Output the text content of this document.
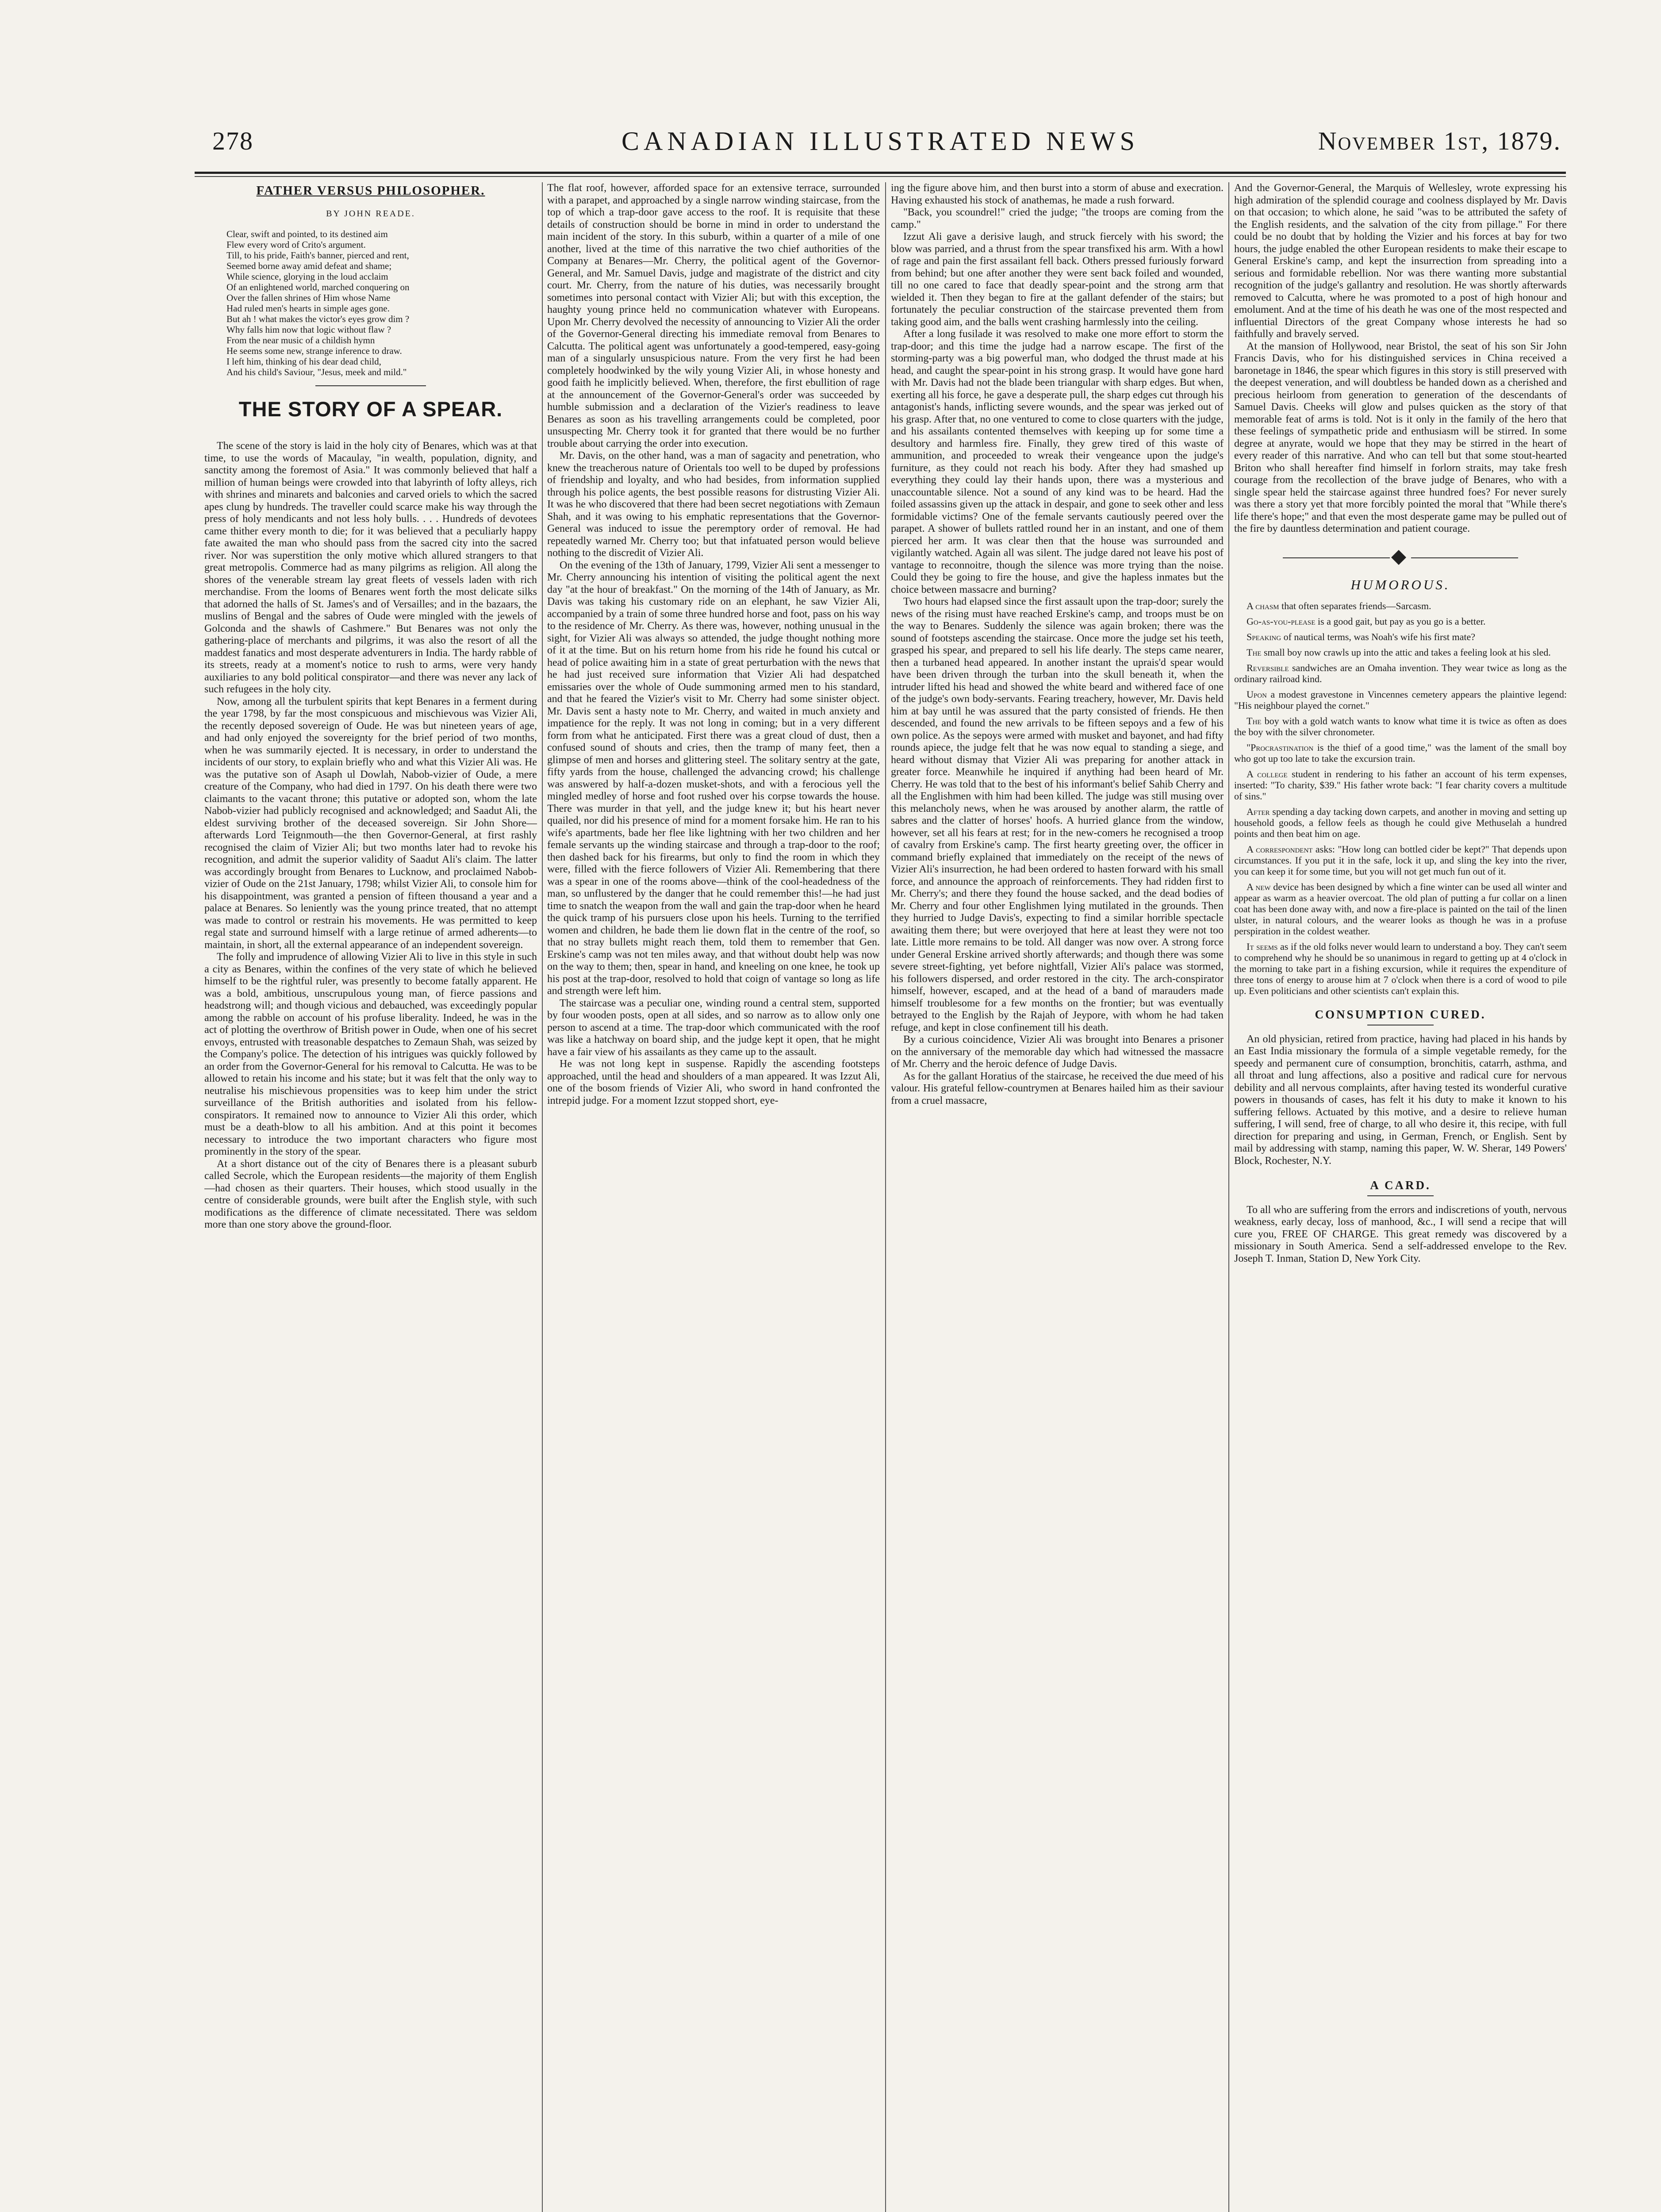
278	CANADIAN ILLUSTRATED NEWS	November 1st, 1879.
FATHER VERSUS PHILOSOPHER.
BY JOHN READE.
Clear, swift and pointed, to its destined aim
Flew every word of Crito's argument.
Till, to his pride, Faith's banner, pierced and rent,
Seemed borne away amid defeat and shame;
While science, glorying in the loud acclaim
Of an enlightened world, marched conquering on
Over the fallen shrines of Him whose Name
Had ruled men's hearts in simple ages gone.
But ah ! what makes the victor's eyes grow dim ?
Why falls him now that logic without flaw ?
From the near music of a childish hymn
He seems some new, strange inference to draw.
I left him, thinking of his dear dead child,
And his child's Saviour, "Jesus, meek and mild."
THE STORY OF A SPEAR.

The scene of the story is laid in the holy city of Benares, which was at that time, to use the words of Macaulay, "in wealth, population, dignity, and sanctity among the foremost of Asia." It was commonly believed that half a million of human beings were crowded into that labyrinth of lofty alleys, rich with shrines and minarets and balconies and carved oriels to which the sacred apes clung by hundreds. The traveller could scarce make his way through the press of holy mendicants and not less holy bulls. . . . Hundreds of devotees came thither every month to die; for it was believed that a peculiarly happy fate awaited the man who should pass from the sacred city into the sacred river. Nor was superstition the only motive which allured strangers to that great metropolis. Commerce had as many pilgrims as religion. All along the shores of the venerable stream lay great fleets of vessels laden with rich merchandise. From the looms of Benares went forth the most delicate silks that adorned the halls of St. James's and of Versailles; and in the bazaars, the muslins of Bengal and the sabres of Oude were mingled with the jewels of Golconda and the shawls of Cashmere." But Benares was not only the gathering-place of merchants and pilgrims, it was also the resort of all the maddest fanatics and most desperate adventurers in India. The hardy rabble of its streets, ready at a moment's notice to rush to arms, were very handy auxiliaries to any bold political conspirator—and there was never any lack of such refugees in the holy city.

Now, among all the turbulent spirits that kept Benares in a ferment during the year 1798, by far the most conspicuous and mischievous was Vizier Ali, the recently deposed sovereign of Oude. He was but nineteen years of age, and had only enjoyed the sovereignty for the brief period of two months, when he was summarily ejected. It is necessary, in order to understand the incidents of our story, to explain briefly who and what this Vizier Ali was. He was the putative son of Asaph ul Dowlah, Nabob-vizier of Oude, a mere creature of the Company, who had died in 1797. On his death there were two claimants to the vacant throne; this putative or adopted son, whom the late Nabob-vizier had publicly recognised and acknowledged; and Saadut Ali, the eldest surviving brother of the deceased sovereign. Sir John Shore—afterwards Lord Teignmouth—the then Governor-General, at first rashly recognised the claim of Vizier Ali; but two months later had to revoke his recognition, and admit the superior validity of Saadut Ali's claim. The latter was accordingly brought from Benares to Lucknow, and proclaimed Nabob-vizier of Oude on the 21st January, 1798; whilst Vizier Ali, to console him for his disappointment, was granted a pension of fifteen thousand a year and a palace at Benares. So leniently was the young prince treated, that no attempt was made to control or restrain his movements. He was permitted to keep regal state and surround himself with a large retinue of armed adherents—to maintain, in short, all the external appearance of an independent sovereign.

The folly and imprudence of allowing Vizier Ali to live in this style in such a city as Benares, within the confines of the very state of which he believed himself to be the rightful ruler, was presently to become fatally apparent. He was a bold, ambitious, unscrupulous young man, of fierce passions and headstrong will; and though vicious and debauched, was exceedingly popular among the rabble on account of his profuse liberality. Indeed, he was in the act of plotting the overthrow of British power in Oude, when one of his secret envoys, entrusted with treasonable despatches to Zemaun Shah, was seized by the Company's police. The detection of his intrigues was quickly followed by an order from the Governor-General for his removal to Calcutta. He was to be allowed to retain his income and his state; but it was felt that the only way to neutralise his mischievous propensities was to keep him under the strict surveillance of the British authorities and isolated from his fellow-conspirators. It remained now to announce to Vizier Ali this order, which must be a death-blow to all his ambition. And at this point it becomes necessary to introduce the two important characters who figure most prominently in the story of the spear.

At a short distance out of the city of Benares there is a pleasant suburb called Secrole, which the European residents—the majority of them English—had chosen as their quarters. Their houses, which stood usually in the centre of considerable grounds, were built after the English style, with such modifications as the difference of climate necessitated. There was seldom more than one story above the ground-floor.

The flat roof, however, afforded space for an extensive terrace, surrounded with a parapet, and approached by a single narrow winding staircase, from the top of which a trap-door gave access to the roof. It is requisite that these details of construction should be borne in mind in order to understand the main incident of the story. In this suburb, within a quarter of a mile of one another, lived at the time of this narrative the two chief authorities of the Company at Benares—Mr. Cherry, the political agent of the Governor-General, and Mr. Samuel Davis, judge and magistrate of the district and city court. Mr. Cherry, from the nature of his duties, was necessarily brought sometimes into personal contact with Vizier Ali; but with this exception, the haughty young prince held no communication whatever with Europeans. Upon Mr. Cherry devolved the necessity of announcing to Vizier Ali the order of the Governor-General directing his immediate removal from Benares to Calcutta. The political agent was unfortunately a good-tempered, easy-going man of a singularly unsuspicious nature. From the very first he had been completely hoodwinked by the wily young Vizier Ali, in whose honesty and good faith he implicitly believed. When, therefore, the first ebullition of rage at the announcement of the Governor-General's order was succeeded by humble submission and a declaration of the Vizier's readiness to leave Benares as soon as his travelling arrangements could be completed, poor unsuspecting Mr. Cherry took it for granted that there would be no further trouble about carrying the order into execution.

Mr. Davis, on the other hand, was a man of sagacity and penetration, who knew the treacherous nature of Orientals too well to be duped by professions of friendship and loyalty, and who had besides, from information supplied through his police agents, the best possible reasons for distrusting Vizier Ali. It was he who discovered that there had been secret negotiations with Zemaun Shah, and it was owing to his emphatic representations that the Governor-General was induced to issue the peremptory order of removal. He had repeatedly warned Mr. Cherry too; but that infatuated person would believe nothing to the discredit of Vizier Ali.

On the evening of the 13th of January, 1799, Vizier Ali sent a messenger to Mr. Cherry announcing his intention of visiting the political agent the next day "at the hour of breakfast." On the morning of the 14th of January, as Mr. Davis was taking his customary ride on an elephant, he saw Vizier Ali, accompanied by a train of some three hundred horse and foot, pass on his way to the residence of Mr. Cherry. As there was, however, nothing unusual in the sight, for Vizier Ali was always so attended, the judge thought nothing more of it at the time. But on his return home from his ride he found his cutcal or head of police awaiting him in a state of great perturbation with the news that he had just received sure information that Vizier Ali had despatched emissaries over the whole of Oude summoning armed men to his standard, and that he feared the Vizier's visit to Mr. Cherry had some sinister object. Mr. Davis sent a hasty note to Mr. Cherry, and waited in much anxiety and impatience for the reply. It was not long in coming; but in a very different form from what he anticipated. First there was a great cloud of dust, then a confused sound of shouts and cries, then the tramp of many feet, then a glimpse of men and horses and glittering steel. The solitary sentry at the gate, fifty yards from the house, challenged the advancing crowd; his challenge was answered by half-a-dozen musket-shots, and with a ferocious yell the mingled medley of horse and foot rushed over his corpse towards the house. There was murder in that yell, and the judge knew it; but his heart never quailed, nor did his presence of mind for a moment forsake him. He ran to his wife's apartments, bade her flee like lightning with her two children and her female servants up the winding staircase and through a trap-door to the roof; then dashed back for his firearms, but only to find the room in which they were, filled with the fierce followers of Vizier Ali. Remembering that there was a spear in one of the rooms above—think of the cool-headedness of the man, so unflustered by the danger that he could remember this!—he had just time to snatch the weapon from the wall and gain the trap-door when he heard the quick tramp of his pursuers close upon his heels. Turning to the terrified women and children, he bade them lie down flat in the centre of the roof, so that no stray bullets might reach them, told them to remember that Gen. Erskine's camp was not ten miles away, and that without doubt help was now on the way to them; then, spear in hand, and kneeling on one knee, he took up his post at the trap-door, resolved to hold that coign of vantage so long as life and strength were left him.

The staircase was a peculiar one, winding round a central stem, supported by four wooden posts, open at all sides, and so narrow as to allow only one person to ascend at a time. The trap-door which communicated with the roof was like a hatchway on board ship, and the judge kept it open, that he might have a fair view of his assailants as they came up to the assault.

He was not long kept in suspense. Rapidly the ascending footsteps approached, until the head and shoulders of a man appeared. It was Izzut Ali, one of the bosom friends of Vizier Ali, who sword in hand confronted the intrepid judge. For a moment Izzut stopped short, eye-

ing the figure above him, and then burst into a storm of abuse and execration. Having exhausted his stock of anathemas, he made a rush forward.

"Back, you scoundrel!" cried the judge; "the troops are coming from the camp."

Izzut Ali gave a derisive laugh, and struck fiercely with his sword; the blow was parried, and a thrust from the spear transfixed his arm. With a howl of rage and pain the first assailant fell back. Others pressed furiously forward from behind; but one after another they were sent back foiled and wounded, till no one cared to face that deadly spear-point and the strong arm that wielded it. Then they began to fire at the gallant defender of the stairs; but fortunately the peculiar construction of the staircase prevented them from taking good aim, and the balls went crashing harmlessly into the ceiling.

After a long fusilade it was resolved to make one more effort to storm the trap-door; and this time the judge had a narrow escape. The first of the storming-party was a big powerful man, who dodged the thrust made at his head, and caught the spear-point in his strong grasp. It would have gone hard with Mr. Davis had not the blade been triangular with sharp edges. But when, exerting all his force, he gave a desperate pull, the sharp edges cut through his antagonist's hands, inflicting severe wounds, and the spear was jerked out of his grasp. After that, no one ventured to come to close quarters with the judge, and his assailants contented themselves with keeping up for some time a desultory and harmless fire. Finally, they grew tired of this waste of ammunition, and proceeded to wreak their vengeance upon the judge's furniture, as they could not reach his body. After they had smashed up everything they could lay their hands upon, there was a mysterious and unaccountable silence. Not a sound of any kind was to be heard. Had the foiled assassins given up the attack in despair, and gone to seek other and less formidable victims? One of the female servants cautiously peered over the parapet. A shower of bullets rattled round her in an instant, and one of them pierced her arm. It was clear then that the house was surrounded and vigilantly watched. Again all was silent. The judge dared not leave his post of vantage to reconnoitre, though the silence was more trying than the noise. Could they be going to fire the house, and give the hapless inmates but the choice between massacre and burning?

Two hours had elapsed since the first assault upon the trap-door; surely the news of the rising must have reached Erskine's camp, and troops must be on the way to Benares. Suddenly the silence was again broken; there was the sound of footsteps ascending the staircase. Once more the judge set his teeth, grasped his spear, and prepared to sell his life dearly. The steps came nearer, then a turbaned head appeared. In another instant the uprais'd spear would have been driven through the turban into the skull beneath it, when the intruder lifted his head and showed the white beard and withered face of one of the judge's own body-servants. Fearing treachery, however, Mr. Davis held him at bay until he was assured that the party consisted of friends. He then descended, and found the new arrivals to be fifteen sepoys and a few of his own police. As the sepoys were armed with musket and bayonet, and had fifty rounds apiece, the judge felt that he was now equal to standing a siege, and heard without dismay that Vizier Ali was preparing for another attack in greater force. Meanwhile he inquired if anything had been heard of Mr. Cherry. He was told that to the best of his informant's belief Sahib Cherry and all the Englishmen with him had been killed. The judge was still musing over this melancholy news, when he was aroused by another alarm, the rattle of sabres and the clatter of horses' hoofs. A hurried glance from the window, however, set all his fears at rest; for in the new-comers he recognised a troop of cavalry from Erskine's camp. The first hearty greeting over, the officer in command briefly explained that immediately on the receipt of the news of Vizier Ali's insurrection, he had been ordered to hasten forward with his small force, and announce the approach of reinforcements. They had ridden first to Mr. Cherry's; and there they found the house sacked, and the dead bodies of Mr. Cherry and four other Englishmen lying mutilated in the grounds. Then they hurried to Judge Davis's, expecting to find a similar horrible spectacle awaiting them there; but were overjoyed that here at least they were not too late. Little more remains to be told. All danger was now over. A strong force under General Erskine arrived shortly afterwards; and though there was some severe street-fighting, yet before nightfall, Vizier Ali's palace was stormed, his followers dispersed, and order restored in the city. The arch-conspirator himself, however, escaped, and at the head of a band of marauders made himself troublesome for a few months on the frontier; but was eventually betrayed to the English by the Rajah of Jeypore, with whom he had taken refuge, and kept in close confinement till his death.

By a curious coincidence, Vizier Ali was brought into Benares a prisoner on the anniversary of the memorable day which had witnessed the massacre of Mr. Cherry and the heroic defence of Judge Davis.

As for the gallant Horatius of the staircase, he received the due meed of his valour. His grateful fellow-countrymen at Benares hailed him as their saviour from a cruel massacre,

And the Governor-General, the Marquis of Wellesley, wrote expressing his high admiration of the splendid courage and coolness displayed by Mr. Davis on that occasion; to which alone, he said "was to be attributed the safety of the English residents, and the salvation of the city from pillage." For there could be no doubt that by holding the Vizier and his forces at bay for two hours, the judge enabled the other European residents to make their escape to General Erskine's camp, and kept the insurrection from spreading into a serious and formidable rebellion. Nor was there wanting more substantial recognition of the judge's gallantry and resolution. He was shortly afterwards removed to Calcutta, where he was promoted to a post of high honour and emolument. And at the time of his death he was one of the most respected and influential Directors of the great Company whose interests he had so faithfully and bravely served.

At the mansion of Hollywood, near Bristol, the seat of his son Sir John Francis Davis, who for his distinguished services in China received a baronetage in 1846, the spear which figures in this story is still preserved with the deepest veneration, and will doubtless be handed down as a cherished and precious heirloom from generation to generation of the descendants of Samuel Davis. Cheeks will glow and pulses quicken as the story of that memorable feat of arms is told. Not is it only in the family of the hero that these feelings of sympathetic pride and enthusiasm will be stirred. In some degree at anyrate, would we hope that they may be stirred in the heart of every reader of this narrative. And who can tell but that some stout-hearted Briton who shall hereafter find himself in forlorn straits, may take fresh courage from the recollection of the brave judge of Benares, who with a single spear held the staircase against three hundred foes? For never surely was there a story yet that more forcibly pointed the moral that "While there's life there's hope;" and that even the most desperate game may be pulled out of the fire by dauntless determination and patient courage.

HUMOROUS.

A chasm that often separates friends—Sarcasm.

Go-as-you-please is a good gait, but pay as you go is a better.

Speaking of nautical terms, was Noah's wife his first mate?

The small boy now crawls up into the attic and takes a feeling look at his sled.

Reversible sandwiches are an Omaha invention. They wear twice as long as the ordinary railroad kind.

Upon a modest gravestone in Vincennes cemetery appears the plaintive legend: "His neighbour played the cornet."

The boy with a gold watch wants to know what time it is twice as often as does the boy with the silver chronometer.

"Procrastination is the thief of a good time," was the lament of the small boy who got up too late to take the excursion train.

A college student in rendering to his father an account of his term expenses, inserted: "To charity, $39." His father wrote back: "I fear charity covers a multitude of sins."

After spending a day tacking down carpets, and another in moving and setting up household goods, a fellow feels as though he could give Methuselah a hundred points and then beat him on age.

A correspondent asks: "How long can bottled cider be kept?" That depends upon circumstances. If you put it in the safe, lock it up, and sling the key into the river, you can keep it for some time, but you will not get much fun out of it.

A new device has been designed by which a fine winter can be used all winter and appear as warm as a heavier overcoat. The old plan of putting a fur collar on a linen coat has been done away with, and now a fire-place is painted on the tail of the linen ulster, in natural colours, and the wearer looks as though he was in a profuse perspiration in the coldest weather.

It seems as if the old folks never would learn to understand a boy. They can't seem to comprehend why he should be so unanimous in regard to getting up at 4 o'clock in the morning to take part in a fishing excursion, while it requires the expenditure of three tons of energy to arouse him at 7 o'clock when there is a cord of wood to pile up. Even politicians and other scientists can't explain this.

CONSUMPTION CURED.

An old physician, retired from practice, having had placed in his hands by an East India missionary the formula of a simple vegetable remedy, for the speedy and permanent cure of consumption, bronchitis, catarrh, asthma, and all throat and lung affections, also a positive and radical cure for nervous debility and all nervous complaints, after having tested its wonderful curative powers in thousands of cases, has felt it his duty to make it known to his suffering fellows. Actuated by this motive, and a desire to relieve human suffering, I will send, free of charge, to all who desire it, this recipe, with full direction for preparing and using, in German, French, or English. Sent by mail by addressing with stamp, naming this paper, W. W. Sherar, 149 Powers' Block, Rochester, N.Y.

A CARD.

To all who are suffering from the errors and indiscretions of youth, nervous weakness, early decay, loss of manhood, &c., I will send a recipe that will cure you, FREE OF CHARGE. This great remedy was discovered by a missionary in South America. Send a self-addressed envelope to the Rev. Joseph T. Inman, Station D, New York City.
